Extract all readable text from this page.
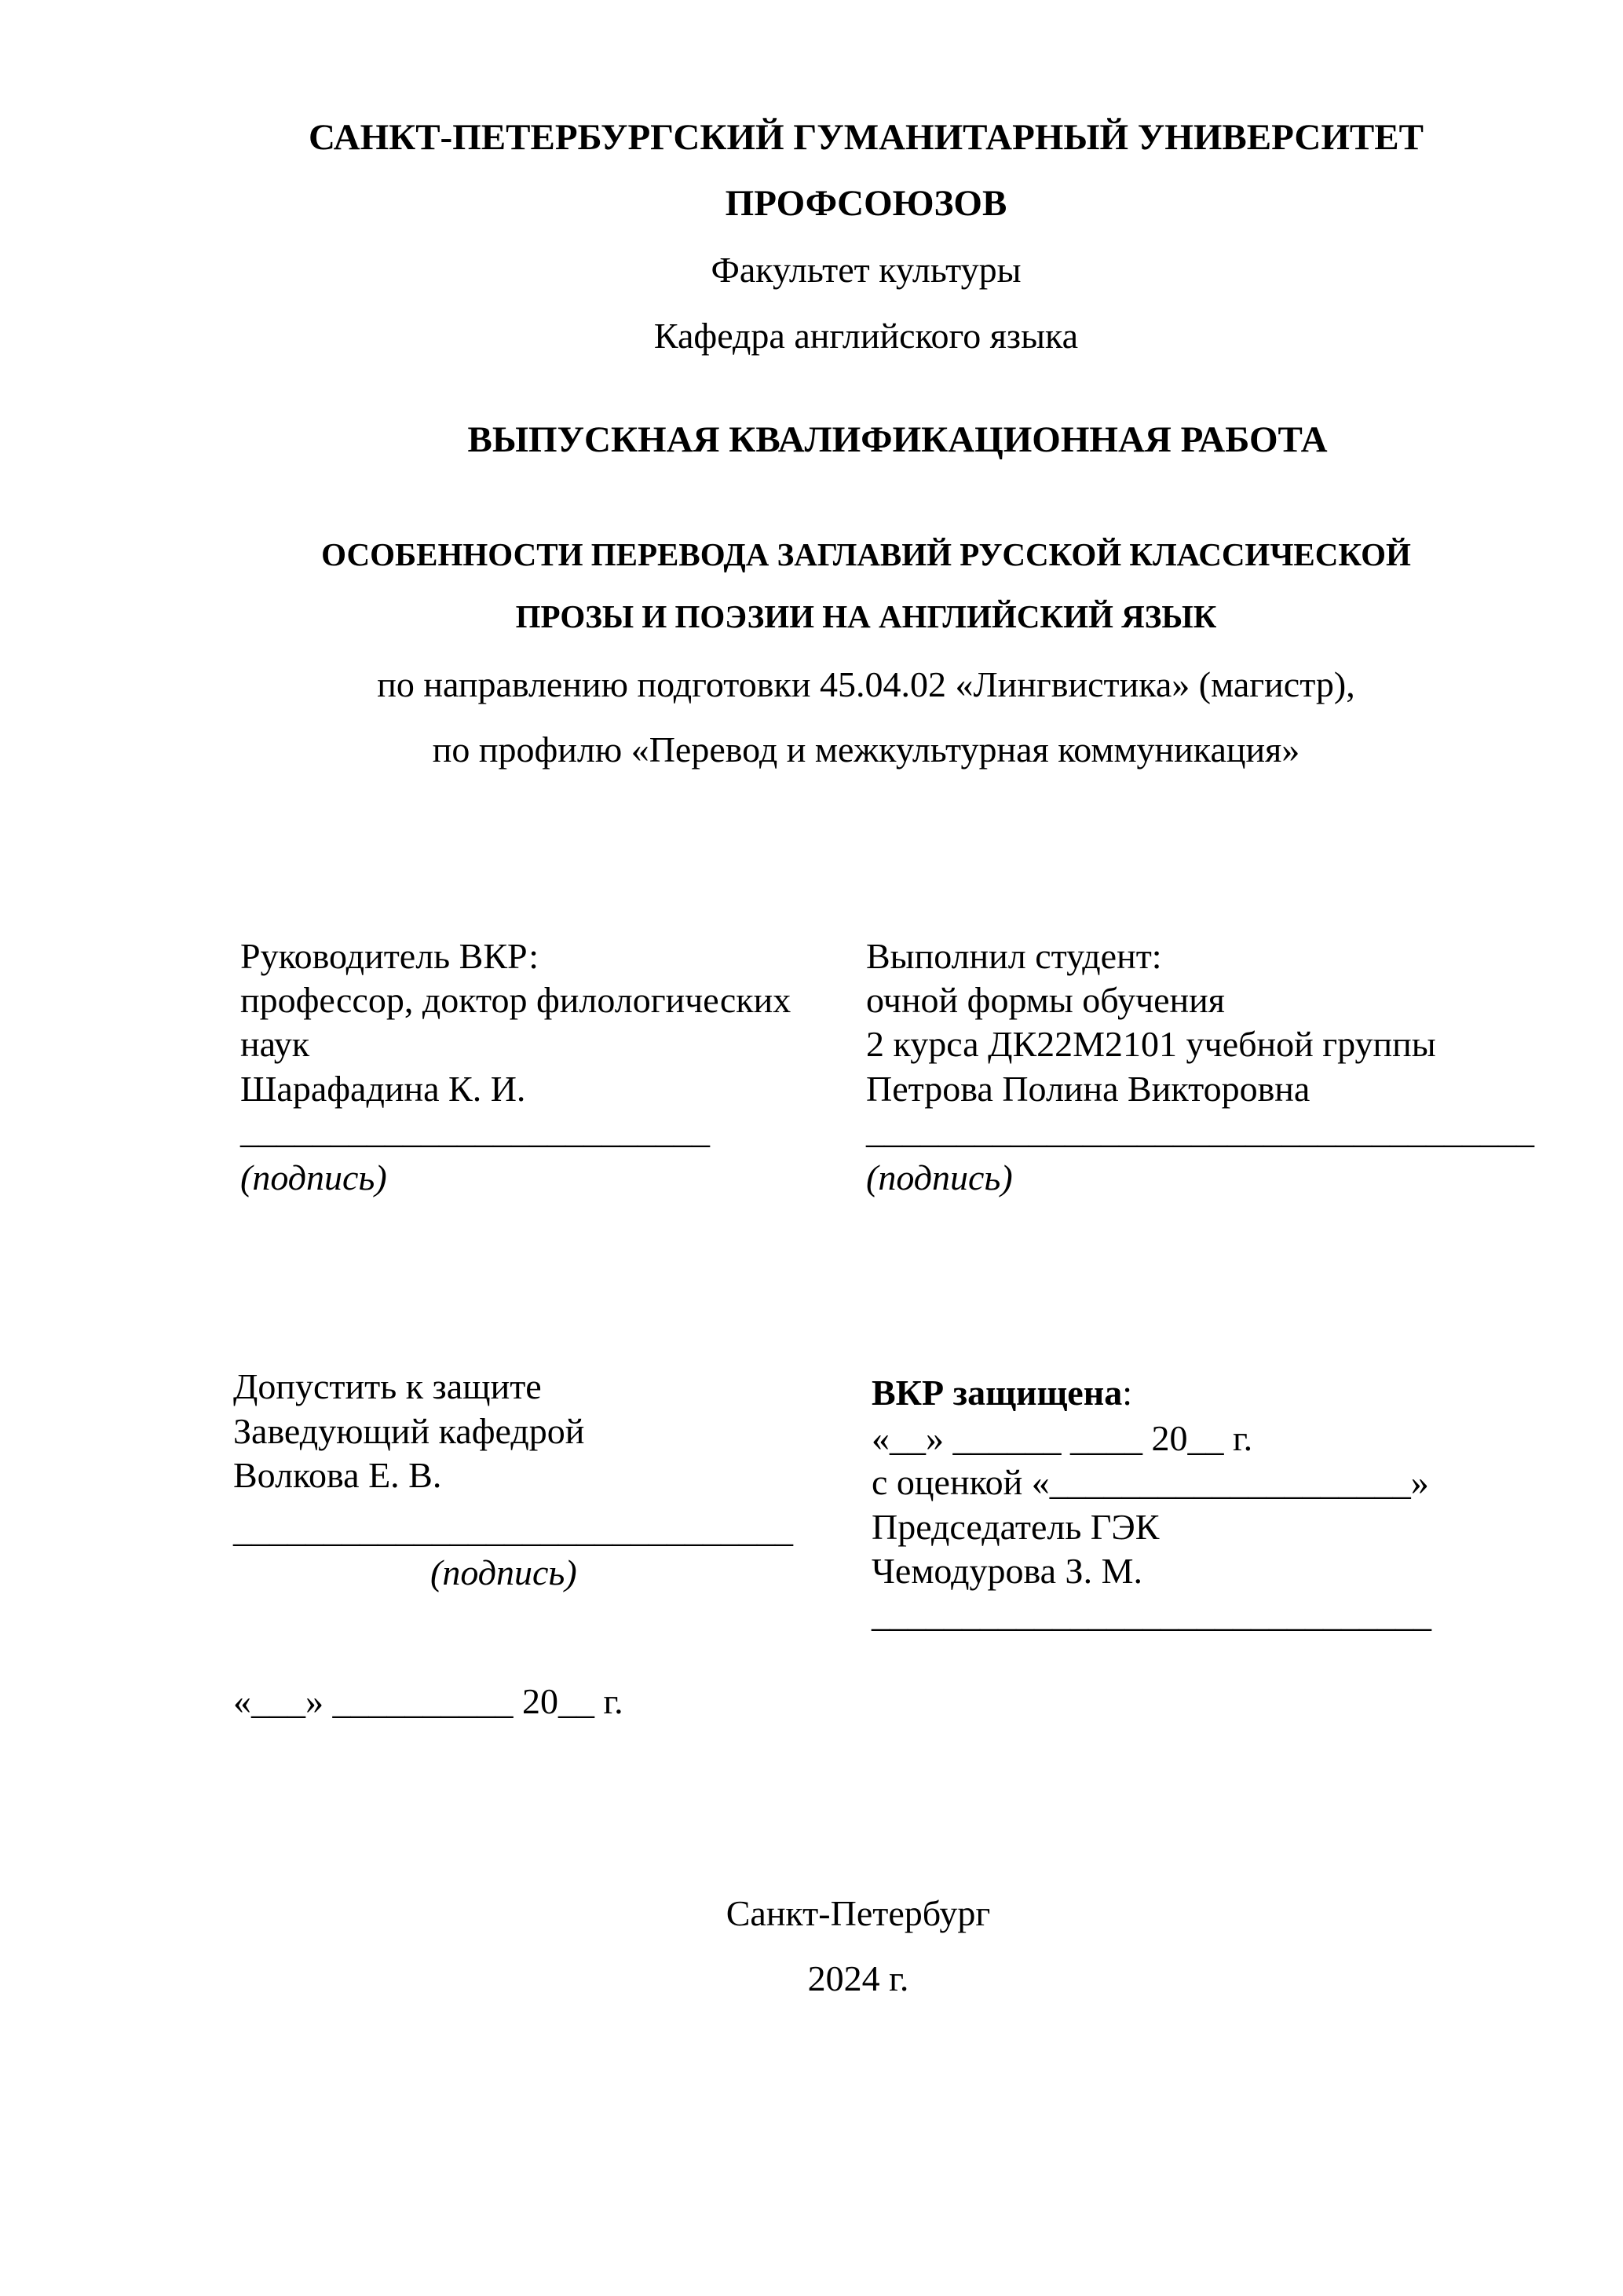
САНКТ-ПЕТЕРБУРГСКИЙ ГУМАНИТАРНЫЙ УНИВЕРСИТЕТ
ПРОФСОЮЗОВ
Факультет культуры
Кафедра английского языка
ВЫПУСКНАЯ КВАЛИФИКАЦИОННАЯ РАБОТА
ОСОБЕННОСТИ ПЕРЕВОДА ЗАГЛАВИЙ РУССКОЙ КЛАССИЧЕСКОЙ
ПРОЗЫ И ПОЭЗИИ НА АНГЛИЙСКИЙ ЯЗЫК
по направлению подготовки 45.04.02 «Лингвистика» (магистр),
по профилю «Перевод и межкультурная коммуникация»
Руководитель ВКР:
профессор, доктор филологических
наук
Шарафадина К. И.
__________________________
(подпись)
Выполнил студент:
очной формы обучения
2 курса ДК22М2101 учебной группы
Петрова Полина Викторовна
_____________________________________
(подпись)
Допустить к защите
Заведующий кафедрой
Волкова Е. В.
_______________________________
(подпись)
«___» __________ 20__ г.
ВКР защищена:
«__» ______ ____ 20__ г.
с оценкой «____________________»
Председатель ГЭК
Чемодурова З. М.
_______________________________
Санкт-Петербург
2024 г.
